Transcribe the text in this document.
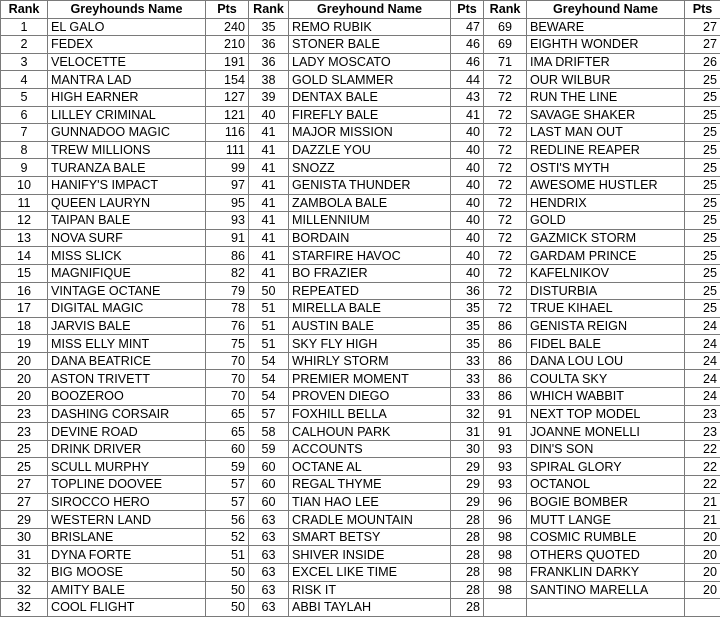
Rank	Greyhounds Name	Pts	Rank	Greyhound Name	Pts	Rank	Greyhound Name	Pts
1	EL GALO	240	35	REMO RUBIK	47	69	BEWARE	27
2	FEDEX	210	36	STONER BALE	46	69	EIGHTH WONDER	27
3	VELOCETTE	191	36	LADY MOSCATO	46	71	IMA DRIFTER	26
4	MANTRA LAD	154	38	GOLD SLAMMER	44	72	OUR WILBUR	25
5	HIGH EARNER	127	39	DENTAX BALE	43	72	RUN THE LINE	25
6	LILLEY CRIMINAL	121	40	FIREFLY BALE	41	72	SAVAGE SHAKER	25
7	GUNNADOO MAGIC	116	41	MAJOR MISSION	40	72	LAST MAN OUT	25
8	TREW MILLIONS	111	41	DAZZLE YOU	40	72	REDLINE REAPER	25
9	TURANZA BALE	99	41	SNOZZ	40	72	OSTI'S MYTH	25
10	HANIFY'S IMPACT	97	41	GENISTA THUNDER	40	72	AWESOME HUSTLER	25
11	QUEEN LAURYN	95	41	ZAMBOLA BALE	40	72	HENDRIX	25
12	TAIPAN BALE	93	41	MILLENNIUM	40	72	GOLD	25
13	NOVA SURF	91	41	BORDAIN	40	72	GAZMICK STORM	25
14	MISS SLICK	86	41	STARFIRE HAVOC	40	72	GARDAM PRINCE	25
15	MAGNIFIQUE	82	41	BO FRAZIER	40	72	KAFELNIKOV	25
16	VINTAGE OCTANE	79	50	REPEATED	36	72	DISTURBIA	25
17	DIGITAL MAGIC	78	51	MIRELLA BALE	35	72	TRUE KIHAEL	25
18	JARVIS BALE	76	51	AUSTIN BALE	35	86	GENISTA REIGN	24
19	MISS ELLY MINT	75	51	SKY FLY HIGH	35	86	FIDEL BALE	24
20	DANA BEATRICE	70	54	WHIRLY STORM	33	86	DANA LOU LOU	24
20	ASTON TRIVETT	70	54	PREMIER MOMENT	33	86	COULTA SKY	24
20	BOOZEROO	70	54	PROVEN DIEGO	33	86	WHICH WABBIT	24
23	DASHING CORSAIR	65	57	FOXHILL BELLA	32	91	NEXT TOP MODEL	23
23	DEVINE ROAD	65	58	CALHOUN PARK	31	91	JOANNE MONELLI	23
25	DRINK DRIVER	60	59	ACCOUNTS	30	93	DIN'S SON	22
25	SCULL MURPHY	59	60	OCTANE AL	29	93	SPIRAL GLORY	22
27	TOPLINE DOOVEE	57	60	REGAL THYME	29	93	OCTANOL	22
27	SIROCCO HERO	57	60	TIAN HAO LEE	29	96	BOGIE BOMBER	21
29	WESTERN LAND	56	63	CRADLE MOUNTAIN	28	96	MUTT LANGE	21
30	BRISLANE	52	63	SMART BETSY	28	98	COSMIC RUMBLE	20
31	DYNA FORTE	51	63	SHIVER INSIDE	28	98	OTHERS QUOTED	20
32	BIG MOOSE	50	63	EXCEL LIKE TIME	28	98	FRANKLIN DARKY	20
32	AMITY BALE	50	63	RISK IT	28	98	SANTINO MARELLA	20
32	COOL FLIGHT	50	63	ABBI TAYLAH	28			
